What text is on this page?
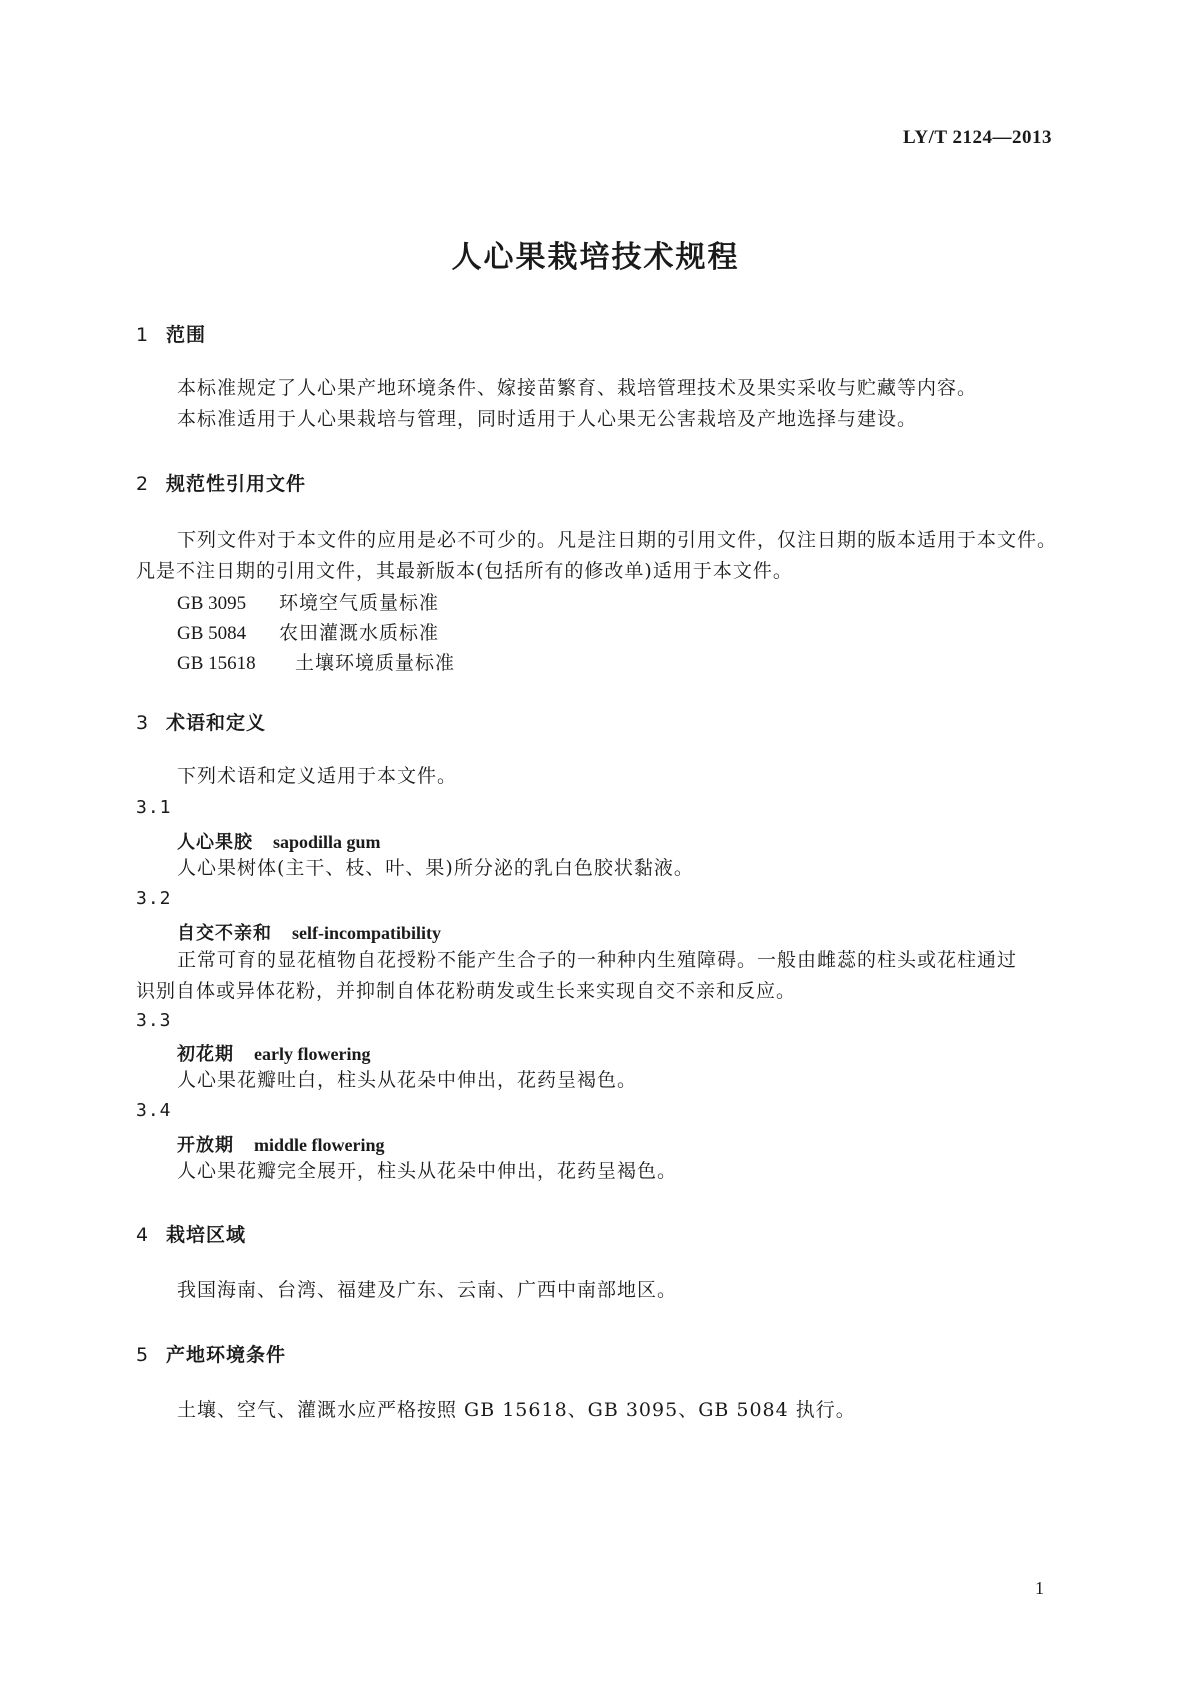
LY/T 2124—2013
人心果栽培技术规程
1 范围
本标准规定了人心果产地环境条件、嫁接苗繁育、栽培管理技术及果实采收与贮藏等内容。
本标准适用于人心果栽培与管理，同时适用于人心果无公害栽培及产地选择与建设。
2 规范性引用文件
下列文件对于本文件的应用是必不可少的。凡是注日期的引用文件，仅注日期的版本适用于本文件。
凡是不注日期的引用文件，其最新版本(包括所有的修改单)适用于本文件。
GB 3095 环境空气质量标准
GB 5084 农田灌溉水质标准
GB 15618 土壤环境质量标准
3 术语和定义
下列术语和定义适用于本文件。
3.1
人心果胶 sapodilla gum
人心果树体(主干、枝、叶、果)所分泌的乳白色胶状黏液。
3.2
自交不亲和 self-incompatibility
正常可育的显花植物自花授粉不能产生合子的一种种内生殖障碍。一般由雌蕊的柱头或花柱通过
识别自体或异体花粉，并抑制自体花粉萌发或生长来实现自交不亲和反应。
3.3
初花期 early flowering
人心果花瓣吐白，柱头从花朵中伸出，花药呈褐色。
3.4
开放期 middle flowering
人心果花瓣完全展开，柱头从花朵中伸出，花药呈褐色。
4 栽培区域
我国海南、台湾、福建及广东、云南、广西中南部地区。
5 产地环境条件
土壤、空气、灌溉水应严格按照 GB 15618、GB 3095、GB 5084 执行。
1
